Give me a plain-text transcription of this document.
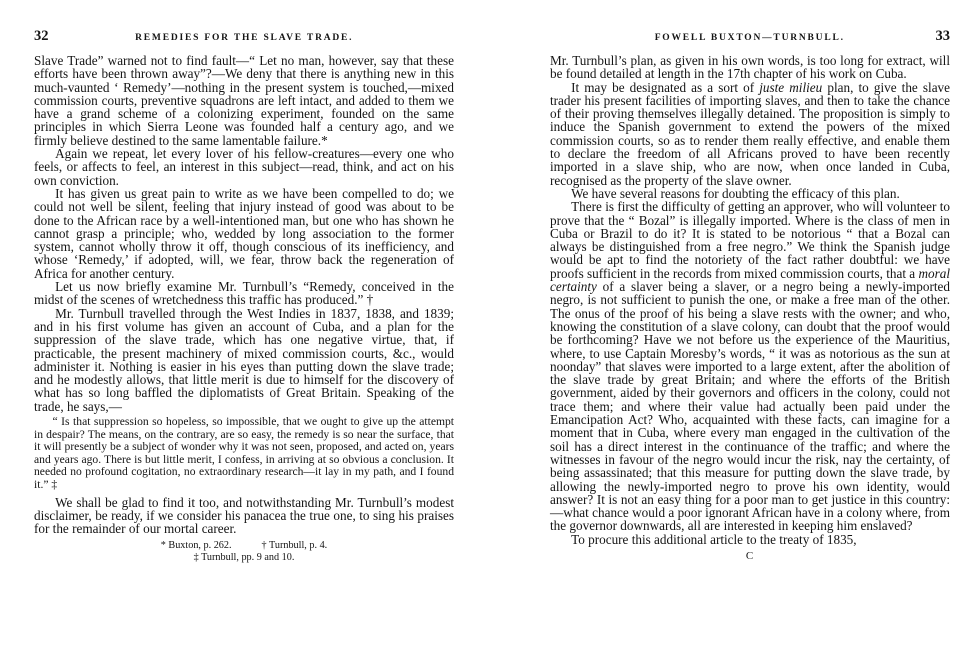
32	REMEDIES FOR THE SLAVE TRADE.

Slave Trade” warned not to find fault—“ Let no man, however, say that these efforts have been thrown away”?—We deny that there is anything new in this much-vaunted ‘ Remedy’—nothing in the present system is touched,—mixed commission courts, preventive squadrons are left intact, and added to them we have a grand scheme of a colonizing experiment, founded on the same principles in which Sierra Leone was founded half a century ago, and we firmly believe destined to the same lamentable failure.*

Again we repeat, let every lover of his fellow-creatures—every one who feels, or affects to feel, an interest in this subject—read, think, and act on his own conviction.

It has given us great pain to write as we have been compelled to do; we could not well be silent, feeling that injury instead of good was about to be done to the African race by a well-intentioned man, but one who has shown he cannot grasp a principle; who, wedded by long association to the former system, cannot wholly throw it off, though conscious of its inefficiency, and whose ‘Remedy,’ if adopted, will, we fear, throw back the regeneration of Africa for another century.

Let us now briefly examine Mr. Turnbull’s “Remedy, conceived in the midst of the scenes of wretchedness this traffic has produced.” †

Mr. Turnbull travelled through the West Indies in 1837, 1838, and 1839; and in his first volume has given an account of Cuba, and a plan for the suppression of the slave trade, which has one negative virtue, that, if practicable, the present machinery of mixed commission courts, &c., would administer it. Nothing is easier in his eyes than putting down the slave trade; and he modestly allows, that little merit is due to himself for the discovery of what has so long baffled the diplomatists of Great Britain. Speaking of the trade, he says,—

“ Is that suppression so hopeless, so impossible, that we ought to give up the attempt in despair? The means, on the contrary, are so easy, the remedy is so near the surface, that it will presently be a subject of wonder why it was not seen, proposed, and acted on, years and years ago. There is but little merit, I confess, in arriving at so obvious a conclusion. It needed no profound cogitation, no extraordinary research—it lay in my path, and I found it.” ‡

We shall be glad to find it too, and notwithstanding Mr. Turnbull’s modest disclaimer, be ready, if we consider his panacea the true one, to sing his praises for the remainder of our mortal career.

* Buxton, p. 262.	† Turnbull, p. 4.
‡ Turnbull, pp. 9 and 10.
FOWELL BUXTON—TURNBULL.	33

Mr. Turnbull’s plan, as given in his own words, is too long for extract, will be found detailed at length in the 17th chapter of his work on Cuba.

It may be designated as a sort of juste milieu plan, to give the slave trader his present facilities of importing slaves, and then to take the chance of their proving themselves illegally detained. The proposition is simply to induce the Spanish government to extend the powers of the mixed commission courts, so as to render them really effective, and enable them to declare the freedom of all Africans proved to have been recently imported in a slave ship, who are now, when once landed in Cuba, recognised as the property of the slave owner.

We have several reasons for doubting the efficacy of this plan.

There is first the difficulty of getting an approver, who will volunteer to prove that the “ Bozal” is illegally imported. Where is the class of men in Cuba or Brazil to do it? It is stated to be notorious “ that a Bozal can always be distinguished from a free negro.” We think the Spanish judge would be apt to find the notoriety of the fact rather doubtful: we have proofs sufficient in the records from mixed commission courts, that a moral certainty of a slaver being a slaver, or a negro being a newly-imported negro, is not sufficient to punish the one, or make a free man of the other. The onus of the proof of his being a slave rests with the owner; and who, knowing the constitution of a slave colony, can doubt that the proof would be forthcoming? Have we not before us the experience of the Mauritius, where, to use Captain Moresby’s words, “ it was as notorious as the sun at noonday” that slaves were imported to a large extent, after the abolition of the slave trade by great Britain; and where the efforts of the British government, aided by their governors and officers in the colony, could not trace them; and where their value had actually been paid under the Emancipation Act? Who, acquainted with these facts, can imagine for a moment that in Cuba, where every man engaged in the cultivation of the soil has a direct interest in the continuance of the traffic; and where the witnesses in favour of the negro would incur the risk, nay the certainty, of being assassinated; that this measure for putting down the slave trade, by allowing the newly-imported negro to prove his own identity, would answer? It is not an easy thing for a poor man to get justice in this country:—what chance would a poor ignorant African have in a colony where, from the governor downwards, all are interested in keeping him enslaved?

To procure this additional article to the treaty of 1835,

C
